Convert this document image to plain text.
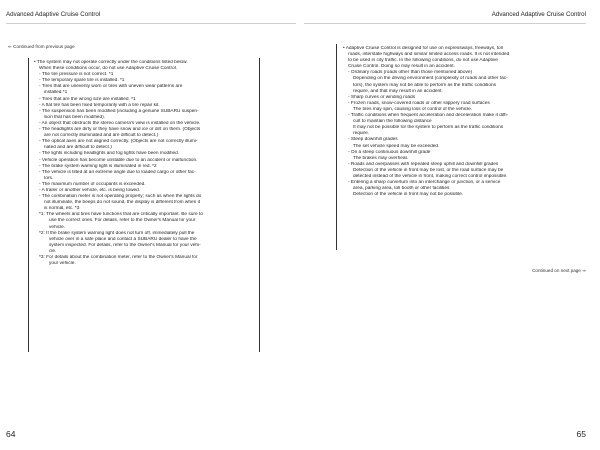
Advanced Adaptive Cruise Control
⇐ Continued from previous page
• The system may not operate correctly under the conditions listed below.
When these conditions occur, do not use Adaptive Cruise Control.
- The tire pressure is not correct. *1
- The temporary spare tire is installed. *1
- Tires that are unevenly worn or tires with uneven wear patterns are
installed.*1
- Tires that are the wrong size are installed. *1
- A flat tire has been fixed temporarily with a tire repair kit.
- The suspension has been modified (including a genuine SUBARU suspen-
sion that has been modified).
- An object that obstructs the stereo camera's view is installed on the vehicle.
- The headlights are dirty or they have snow and ice or dirt on them. (Objects
are not correctly illuminated and are difficult to detect.)
- The optical axes are not aligned correctly. (Objects are not correctly illumi-
nated and are difficult to detect.)
- The lights including headlights and fog lights have been modified.
- Vehicle operation has become unstable due to an accident or malfunction.
- The brake system warning light is illuminated in red. *2
- The vehicle is tilted at an extreme angle due to loaded cargo or other fac-
tors.
- The maximum number of occupants is exceeded.
- A trailer or another vehicle, etc. is being towed.
- The combination meter is not operating properly; such as when the lights do
not illuminate, the beeps do not sound, the display is different from when it
is normal, etc. *3
*1: The wheels and tires have functions that are critically important. Be sure to
use the correct ones. For details, refer to the Owner's Manual for your
vehicle.
*2: If the brake system warning light does not turn off, immediately pull the
vehicle over in a safe place and contact a SUBARU dealer to have the
system inspected. For details, refer to the Owner's Manual for your vehi-
cle.
*3: For details about the combination meter, refer to the Owner's Manual for
your vehicle.
64
Advanced Adaptive Cruise Control
• Adaptive Cruise Control is designed for use on expressways, freeways, toll
roads, interstate highways and similar limited access roads. It is not intended
to be used in city traffic. In the following conditions, do not use Adaptive
Cruise Control. Doing so may result in an accident.
- Ordinary roads (roads other than those mentioned above)
Depending on the driving environment (complexity of roads and other fac-
tors), the system may not be able to perform as the traffic conditions
require, and that may result in an accident.
- Sharp curves or winding roads
- Frozen roads, snow-covered roads or other slippery road surfaces
The tires may spin, causing loss of control of the vehicle.
- Traffic conditions when frequent acceleration and deceleration make it diffi-
cult to maintain the following distance
It may not be possible for the system to perform as the traffic conditions
require.
- Steep downhill grades
The set vehicle speed may be exceeded.
- On a steep continuous downhill grade
The brakes may overheat.
- Roads and overpasses with repeated steep uphill and downhill grades
Detection of the vehicle in front may be lost, or the road surface may be
detected instead of the vehicle in front, making correct control impossible.
- Entering a sharp curve/turn into an interchange or junction, or a service
area, parking area, toll booth or other facilities
Detection of the vehicle in front may not be possible.
Continued on next page ⇒
65
